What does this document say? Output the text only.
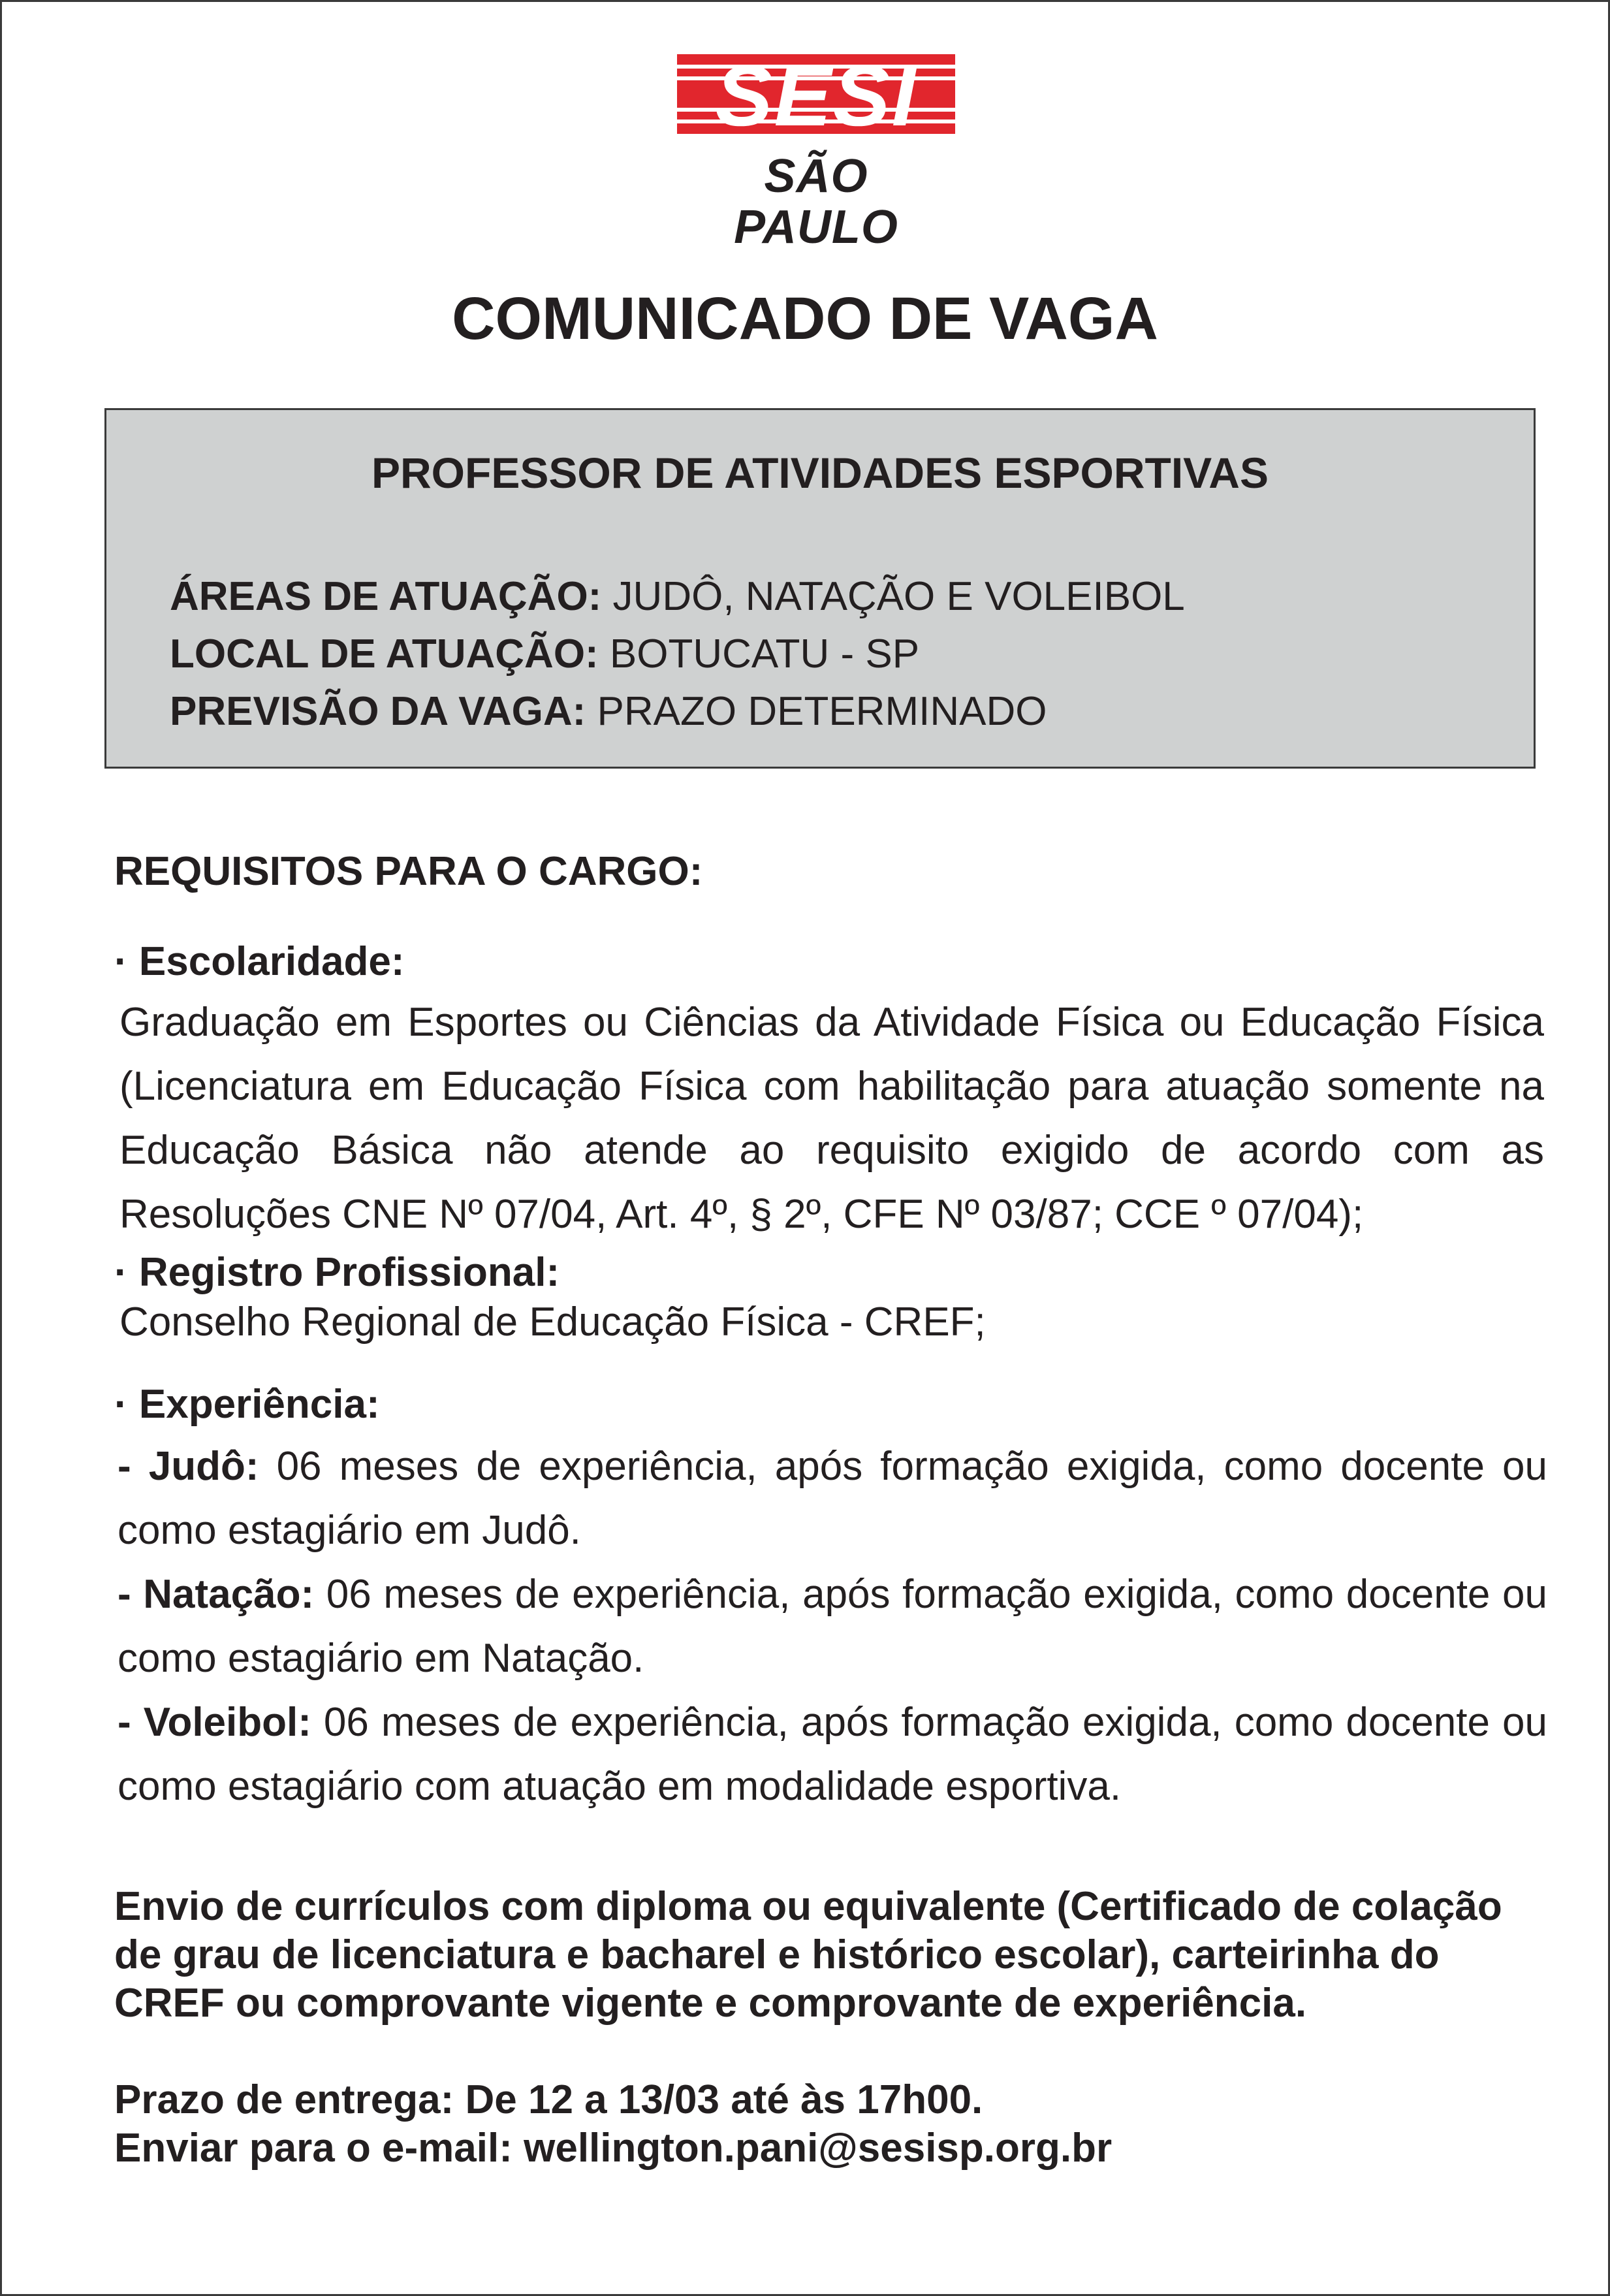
SESI
SÃO PAULO
COMUNICADO DE VAGA
PROFESSOR DE ATIVIDADES ESPORTIVAS
ÁREAS DE ATUAÇÃO: JUDÔ, NATAÇÃO E VOLEIBOL
LOCAL DE ATUAÇÃO: BOTUCATU - SP
PREVISÃO DA VAGA: PRAZO DETERMINADO
REQUISITOS PARA O CARGO:
· Escolaridade:
Graduação em Esportes ou Ciências da Atividade Física ou Educação Física (Licenciatura em Educação Física com habilitação para atuação somente na Educação Básica não atende ao requisito exigido de acordo com as Resoluções CNE Nº 07/04, Art. 4º, § 2º, CFE Nº 03/87; CCE º 07/04);
· Registro Profissional:
Conselho Regional de Educação Física - CREF;
· Experiência:
- Judô: 06 meses de experiência, após formação exigida, como docente ou como estagiário em Judô.
- Natação: 06 meses de experiência, após formação exigida, como docente ou como estagiário em Natação.
- Voleibol: 06 meses de experiência, após formação exigida, como docente ou como estagiário com atuação em modalidade esportiva.
Envio de currículos com diploma ou equivalente (Certificado de colação de grau de licenciatura e bacharel e histórico escolar), carteirinha do CREF ou comprovante vigente e comprovante de experiência.
Prazo de entrega: De 12 a 13/03 até às 17h00.
Enviar para o e-mail: wellington.pani@sesisp.org.br
